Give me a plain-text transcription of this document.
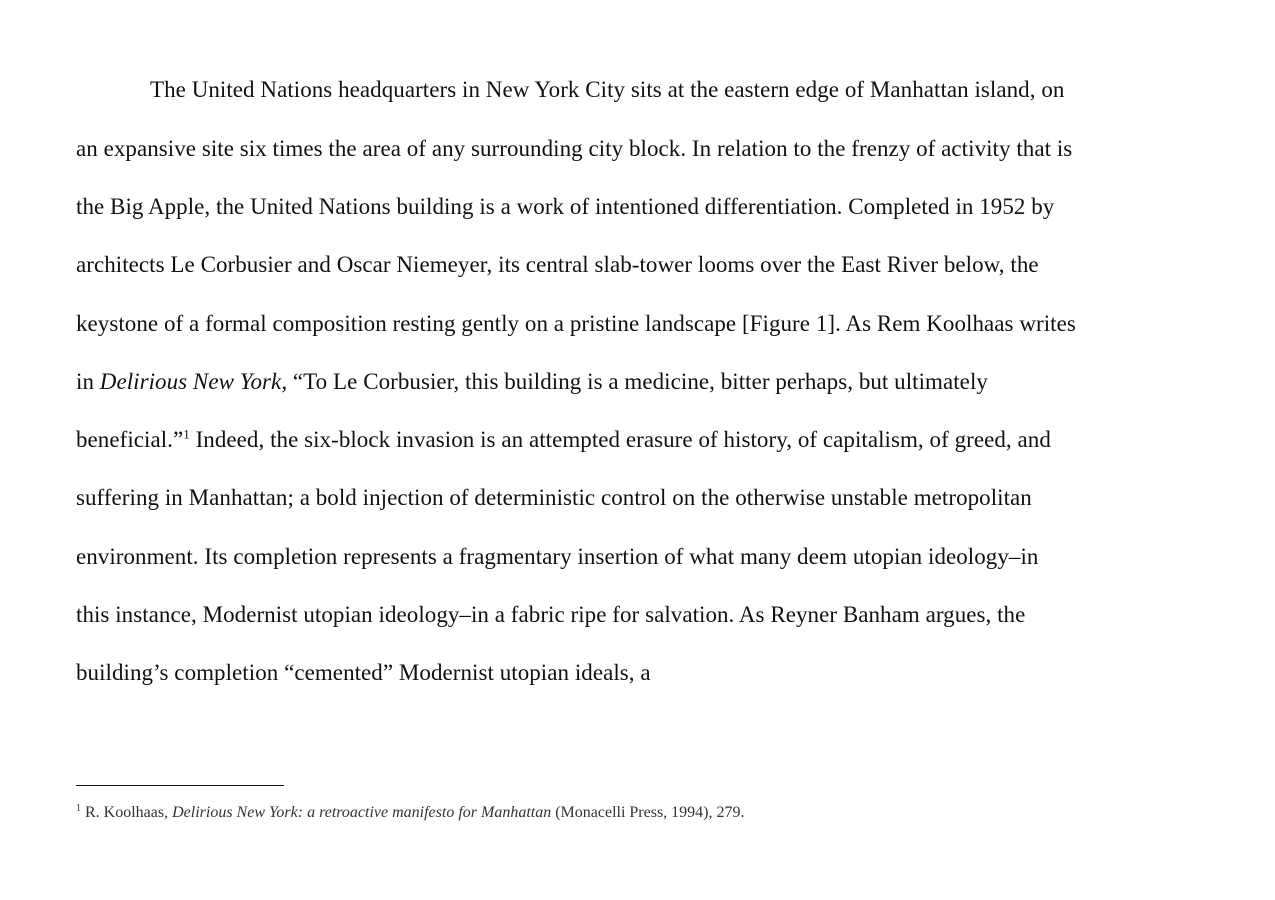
The United Nations headquarters in New York City sits at the eastern edge of Manhattan island, on
an expansive site six times the area of any surrounding city block. In relation to the frenzy of activity that is
the Big Apple, the United Nations building is a work of intentioned differentiation. Completed in 1952 by
architects Le Corbusier and Oscar Niemeyer, its central slab-tower looms over the East River below, the
keystone of a formal composition resting gently on a pristine landscape [Figure 1]. As Rem Koolhaas writes
in Delirious New York, “To Le Corbusier, this building is a medicine, bitter perhaps, but ultimately
beneficial.”$^1$ Indeed, the six-block invasion is an attempted erasure of history, of capitalism, of greed, and
suffering in Manhattan; a bold injection of deterministic control on the otherwise unstable metropolitan
environment. Its completion represents a fragmentary insertion of what many deem utopian ideology–in
this instance, Modernist utopian ideology–in a fabric ripe for salvation. As Reyner Banham argues, the
building’s completion “cemented” Modernist utopian ideals, a
$^1$ R. Koolhaas, Delirious New York: a retroactive manifesto for Manhattan (Monacelli Press, 1994), 279.
